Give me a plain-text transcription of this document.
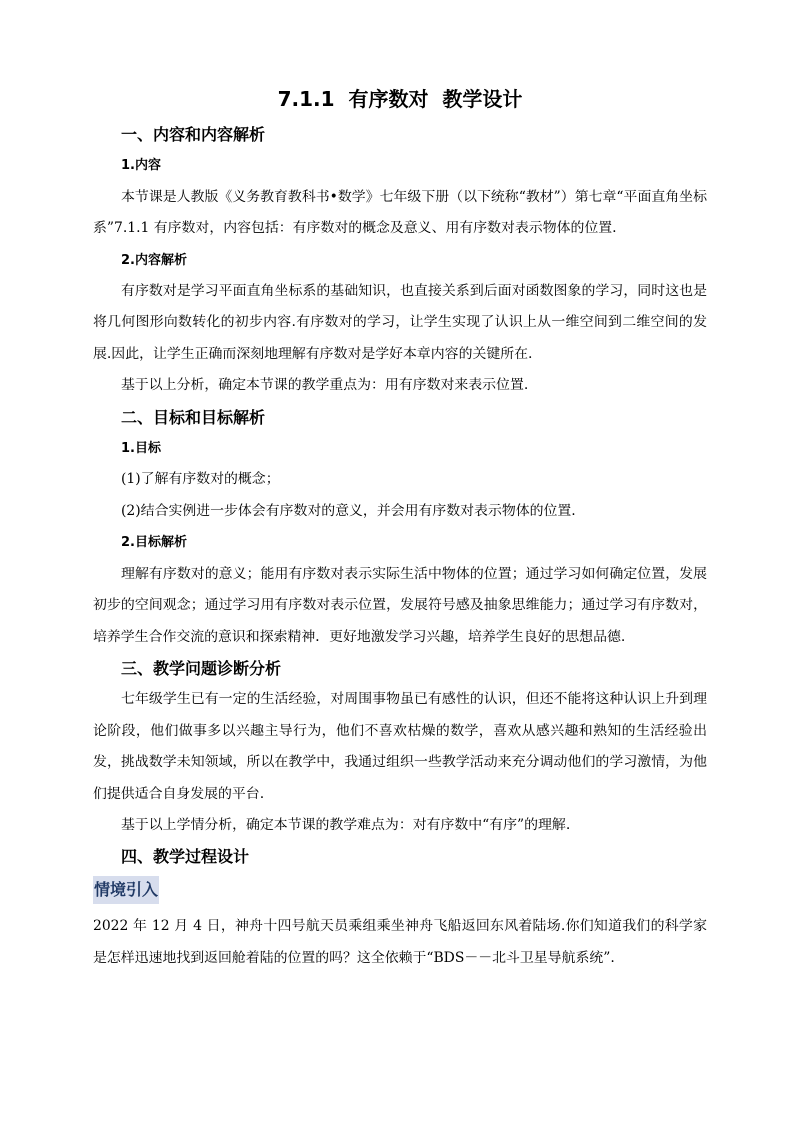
7.1.1  有序数对  教学设计
一、内容和内容解析
1.内容

本节课是人教版《义务教育教科书•数学》七年级下册（以下统称“教材”）第七章“平面直角坐标系”7.1.1 有序数对，内容包括：有序数对的概念及意义、用有序数对表示物体的位置.

2.内容解析

有序数对是学习平面直角坐标系的基础知识，也直接关系到后面对函数图象的学习，同时这也是将几何图形向数转化的初步内容.有序数对的学习，让学生实现了认识上从一维空间到二维空间的发展.因此，让学生正确而深刻地理解有序数对是学好本章内容的关键所在.

基于以上分析，确定本节课的教学重点为：用有序数对来表示位置.

二、目标和目标解析
1.目标

(1)了解有序数对的概念；

(2)结合实例进一步体会有序数对的意义，并会用有序数对表示物体的位置.

2.目标解析

理解有序数对的意义；能用有序数对表示实际生活中物体的位置；通过学习如何确定位置，发展初步的空间观念；通过学习用有序数对表示位置，发展符号感及抽象思维能力；通过学习有序数对，培养学生合作交流的意识和探索精神．更好地激发学习兴趣，培养学生良好的思想品德.

三、教学问题诊断分析

七年级学生已有一定的生活经验，对周围事物虽已有感性的认识，但还不能将这种认识上升到理论阶段，他们做事多以兴趣主导行为，他们不喜欢枯燥的数学，喜欢从感兴趣和熟知的生活经验出发，挑战数学未知领域，所以在教学中，我通过组织一些教学活动来充分调动他们的学习激情，为他们提供适合自身发展的平台.

基于以上学情分析，确定本节课的教学难点为：对有序数中“有序”的理解.

四、教学过程设计
情境引入

2022 年 12 月 4 日，神舟十四号航天员乘组乘坐神舟飞船返回东风着陆场.你们知道我们的科学家是怎样迅速地找到返回舱着陆的位置的吗？这全依赖于“BDS－－北斗卫星导航系统”.
